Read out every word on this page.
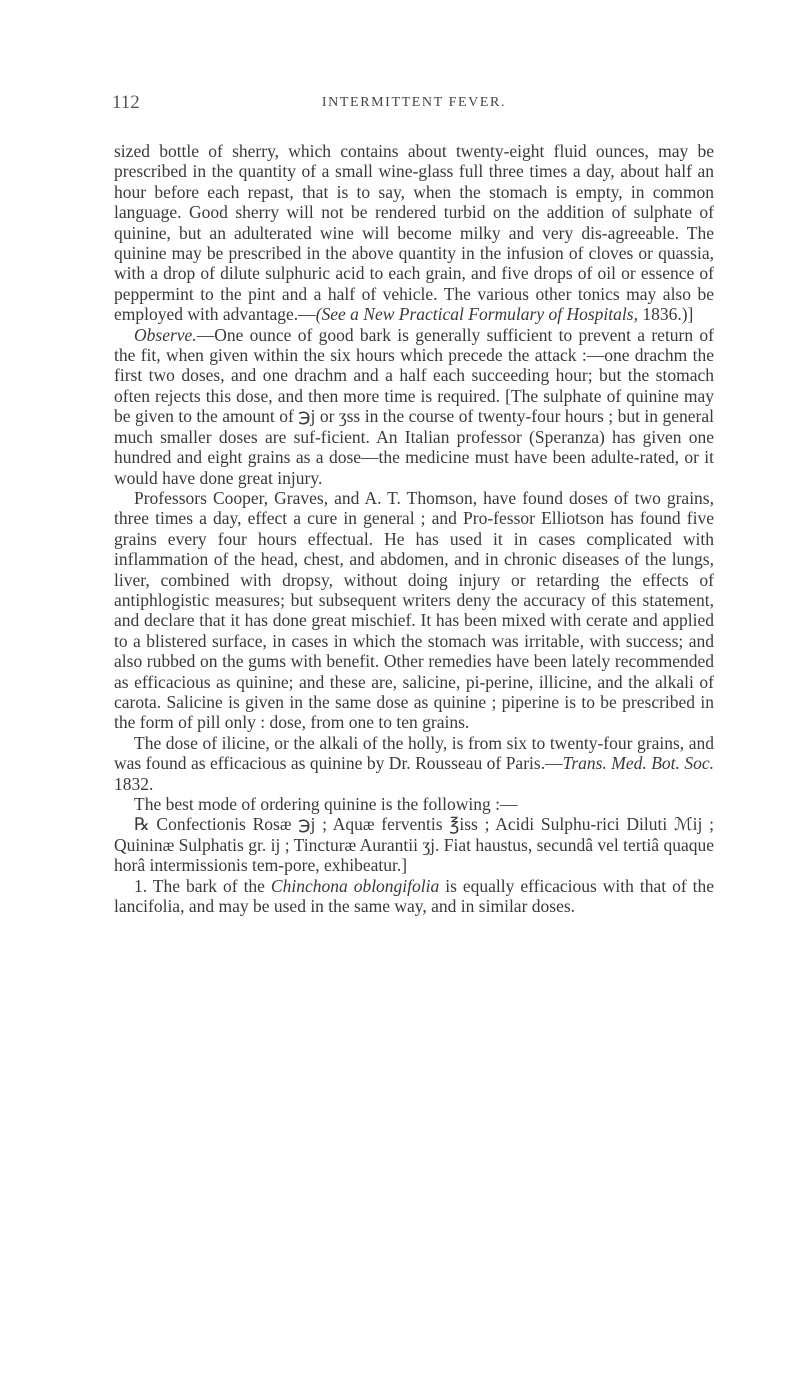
112	INTERMITTENT FEVER.

sized bottle of sherry, which contains about twenty-eight fluid ounces, may be prescribed in the quantity of a small wine-glass full three times a day, about half an hour before each repast, that is to say, when the stomach is empty, in common language. Good sherry will not be rendered turbid on the addition of sulphate of quinine, but an adulterated wine will become milky and very dis-agreeable. The quinine may be prescribed in the above quantity in the infusion of cloves or quassia, with a drop of dilute sulphuric acid to each grain, and five drops of oil or essence of peppermint to the pint and a half of vehicle. The various other tonics may also be employed with advantage.—(See a New Practical Formulary of Hospitals, 1836.)]

Observe.—One ounce of good bark is generally sufficient to prevent a return of the fit, when given within the six hours which precede the attack :—one drachm the first two doses, and one drachm and a half each succeeding hour; but the stomach often rejects this dose, and then more time is required. [The sulphate of quinine may be given to the amount of ℈j or ʒss in the course of twenty-four hours ; but in general much smaller doses are suf-ficient. An Italian professor (Speranza) has given one hundred and eight grains as a dose—the medicine must have been adulte-rated, or it would have done great injury.

Professors Cooper, Graves, and A. T. Thomson, have found doses of two grains, three times a day, effect a cure in general ; and Pro-fessor Elliotson has found five grains every four hours effectual. He has used it in cases complicated with inflammation of the head, chest, and abdomen, and in chronic diseases of the lungs, liver, combined with dropsy, without doing injury or retarding the effects of antiphlogistic measures; but subsequent writers deny the accuracy of this statement, and declare that it has done great mischief. It has been mixed with cerate and applied to a blistered surface, in cases in which the stomach was irritable, with success; and also rubbed on the gums with benefit. Other remedies have been lately recommended as efficacious as quinine; and these are, salicine, pi-perine, illicine, and the alkali of carota. Salicine is given in the same dose as quinine ; piperine is to be prescribed in the form of pill only : dose, from one to ten grains.

The dose of ilicine, or the alkali of the holly, is from six to twenty-four grains, and was found as efficacious as quinine by Dr. Rousseau of Paris.—Trans. Med. Bot. Soc. 1832.

The best mode of ordering quinine is the following :—

℞ Confectionis Rosæ ℈j ; Aquæ ferventis ℥iss ; Acidi Sulphu-rici Diluti ℳij ; Quininæ Sulphatis gr. ij ; Tincturæ Aurantii ʒj. Fiat haustus, secundâ vel tertiâ quaque horâ intermissionis tem-pore, exhibeatur.]

1. The bark of the Chinchona oblongifolia is equally efficacious with that of the lancifolia, and may be used in the same way, and in similar doses.
